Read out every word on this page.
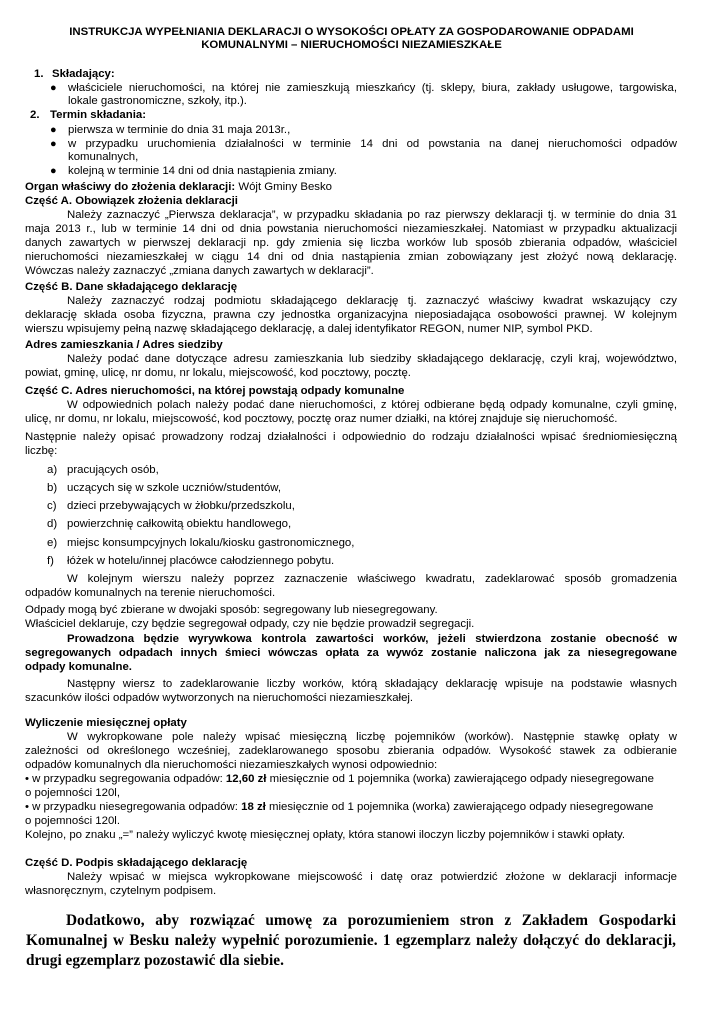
INSTRUKCJA WYPEŁNIANIA DEKLARACJI O WYSOKOŚCI OPŁATY ZA GOSPODAROWANIE ODPADAMI
KOMUNALNYMI – NIERUCHOMOŚCI NIEZAMIESZKAŁE
1. Składający:
● właściciele nieruchomości, na której nie zamieszkują mieszkańcy (tj. sklepy, biura, zakłady usługowe, targowiska,
lokale gastronomiczne, szkoły, itp.).
2. Termin składania:
● pierwsza w terminie do dnia 31 maja 2013r.,
● w przypadku uruchomienia działalności w terminie 14 dni od powstania na danej nieruchomości odpadów
komunalnych,
● kolejną w terminie 14 dni od dnia nastąpienia zmiany.
Organ właściwy do złożenia deklaracji: Wójt Gminy Besko
Część A. Obowiązek złożenia deklaracji
Należy zaznaczyć „Pierwsza deklaracja”, w przypadku składania po raz pierwszy deklaracji tj. w terminie do dnia 31
maja 2013 r., lub w terminie 14 dni od dnia powstania nieruchomości niezamieszkałej. Natomiast w przypadku aktualizacji
danych zawartych w pierwszej deklaracji np. gdy zmienia się liczba worków lub sposób zbierania odpadów, właściciel
nieruchomości niezamieszkałej w ciągu 14 dni od dnia nastąpienia zmian zobowiązany jest złożyć nową deklarację.
Wówczas należy zaznaczyć „zmiana danych zawartych w deklaracji”.
Część B. Dane składającego deklarację
Należy zaznaczyć rodzaj podmiotu składającego deklarację tj. zaznaczyć właściwy kwadrat wskazujący czy
deklarację składa osoba fizyczna, prawna czy jednostka organizacyjna nieposiadająca osobowości prawnej. W kolejnym
wierszu wpisujemy pełną nazwę składającego deklarację, a dalej identyfikator REGON, numer NIP, symbol PKD.
Adres zamieszkania / Adres siedziby
Należy podać dane dotyczące adresu zamieszkania lub siedziby składającego deklarację, czyli kraj, województwo,
powiat, gminę, ulicę, nr domu, nr lokalu, miejscowość, kod pocztowy, pocztę.
Część C. Adres nieruchomości, na której powstają odpady komunalne
W odpowiednich polach należy podać dane nieruchomości, z której odbierane będą odpady komunalne, czyli gminę,
ulicę, nr domu, nr lokalu, miejscowość, kod pocztowy, pocztę oraz numer działki, na której znajduje się nieruchomość.
Następnie należy opisać prowadzony rodzaj działalności i odpowiednio do rodzaju działalności wpisać średniomiesięczną
liczbę:
a) pracujących osób,
b) uczących się w szkole uczniów/studentów,
c) dzieci przebywających w żłobku/przedszkolu,
d) powierzchnię całkowitą obiektu handlowego,
e) miejsc konsumpcyjnych lokalu/kiosku gastronomicznego,
f) łóżek w hotelu/innej placówce całodziennego pobytu.
W kolejnym wierszu należy poprzez zaznaczenie właściwego kwadratu, zadeklarować sposób gromadzenia
odpadów komunalnych na terenie nieruchomości.
Odpady mogą być zbierane w dwojaki sposób: segregowany lub niesegregowany.
Właściciel deklaruje, czy będzie segregował odpady, czy nie będzie prowadził segregacji.
Prowadzona będzie wyrywkowa kontrola zawartości worków, jeżeli stwierdzona zostanie obecność w
segregowanych odpadach innych śmieci wówczas opłata za wywóz zostanie naliczona jak za niesegregowane
odpady komunalne.
Następny wiersz to zadeklarowanie liczby worków, którą składający deklarację wpisuje na podstawie własnych
szacunków ilości odpadów wytworzonych na nieruchomości niezamieszkałej.
Wyliczenie miesięcznej opłaty
W wykropkowane pole należy wpisać miesięczną liczbę pojemników (worków). Następnie stawkę opłaty w
zależności od określonego wcześniej, zadeklarowanego sposobu zbierania odpadów. Wysokość stawek za odbieranie
odpadów komunalnych dla nieruchomości niezamieszkałych wynosi odpowiednio:
• w przypadku segregowania odpadów: 12,60 zł miesięcznie od 1 pojemnika (worka) zawierającego odpady niesegregowane
o pojemności 120l,
• w przypadku niesegregowania odpadów: 18 zł miesięcznie od 1 pojemnika (worka) zawierającego odpady niesegregowane
o pojemności 120l.
Kolejno, po znaku „=” należy wyliczyć kwotę miesięcznej opłaty, która stanowi iloczyn liczby pojemników i stawki opłaty.
Część D. Podpis składającego deklarację
Należy wpisać w miejsca wykropkowane miejscowość i datę oraz potwierdzić złożone w deklaracji informacje
własnoręcznym, czytelnym podpisem.
Dodatkowo, aby rozwiązać umowę za porozumieniem stron z Zakładem Gospodarki
Komunalnej w Besku należy wypełnić porozumienie. 1 egzemplarz należy dołączyć do deklaracji,
drugi egzemplarz pozostawić dla siebie.
